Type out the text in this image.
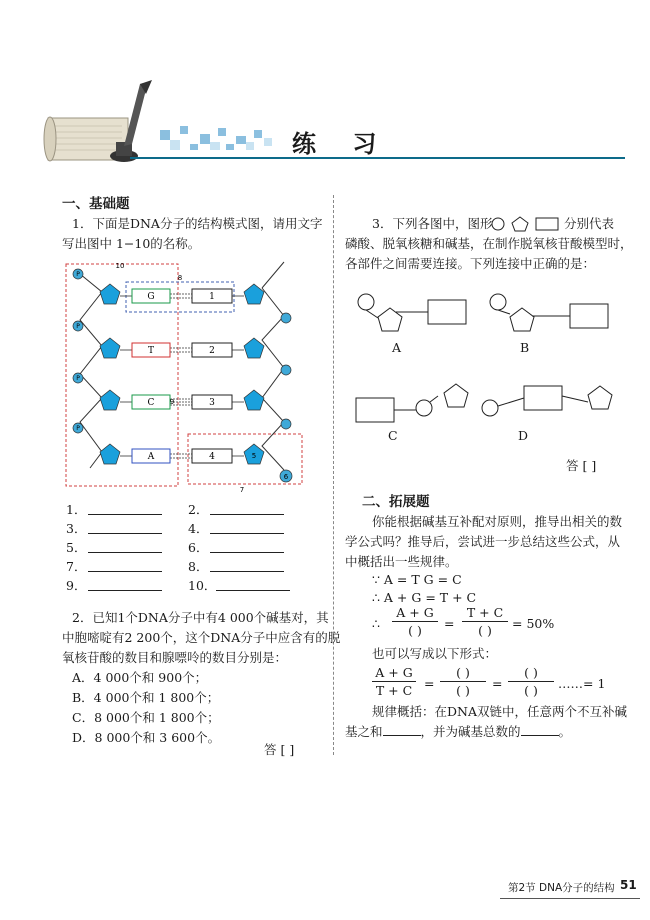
练 习
一、基础题
1．下面是DNA分子的结构模式图，请用文字
写出图中 1−10的名称。
P
P
P
P
G
T
C
A
1
2
3
4
10
8
9
5
6
7
1．	2．
3．	4．
5．	6．
7．	8．
9．	10．
2．已知1个DNA分子中有4 000个碱基对，其
中胞嘧啶有2 200个，这个DNA分子中应含有的脱
氧核苷酸的数目和腺嘌呤的数目分别是：
A．4 000个和 900个；
B．4 000个和 1 800个；
C．8 000个和 1 800个；
D．8 000个和 3 600个。
答 [ ]
3．下列各图中，图形	分别代表
磷酸、脱氧核糖和碱基，在制作脱氧核苷酸模型时，
各部件之间需要连接。下列连接中正确的是：
A	B
C	D
答 [ ]
二、拓展题
你能根据碱基互补配对原则，推导出相关的数
学公式吗？推导后，尝试进一步总结这些公式，从
中概括出一些规律。
∵ A = T G = C
∴ A + G = T + C
∴
A + G
( )	=
T + C
( )	= 50%
也可以写成以下形式：
$\frac{A + G}{T + C}$ =
( )
( )	=
( )
( )	……= 1
规律概括：在DNA双链中，任意两个不互补碱
基之和	，并为碱基总数的	。
第2节 DNA分子的结构 51
